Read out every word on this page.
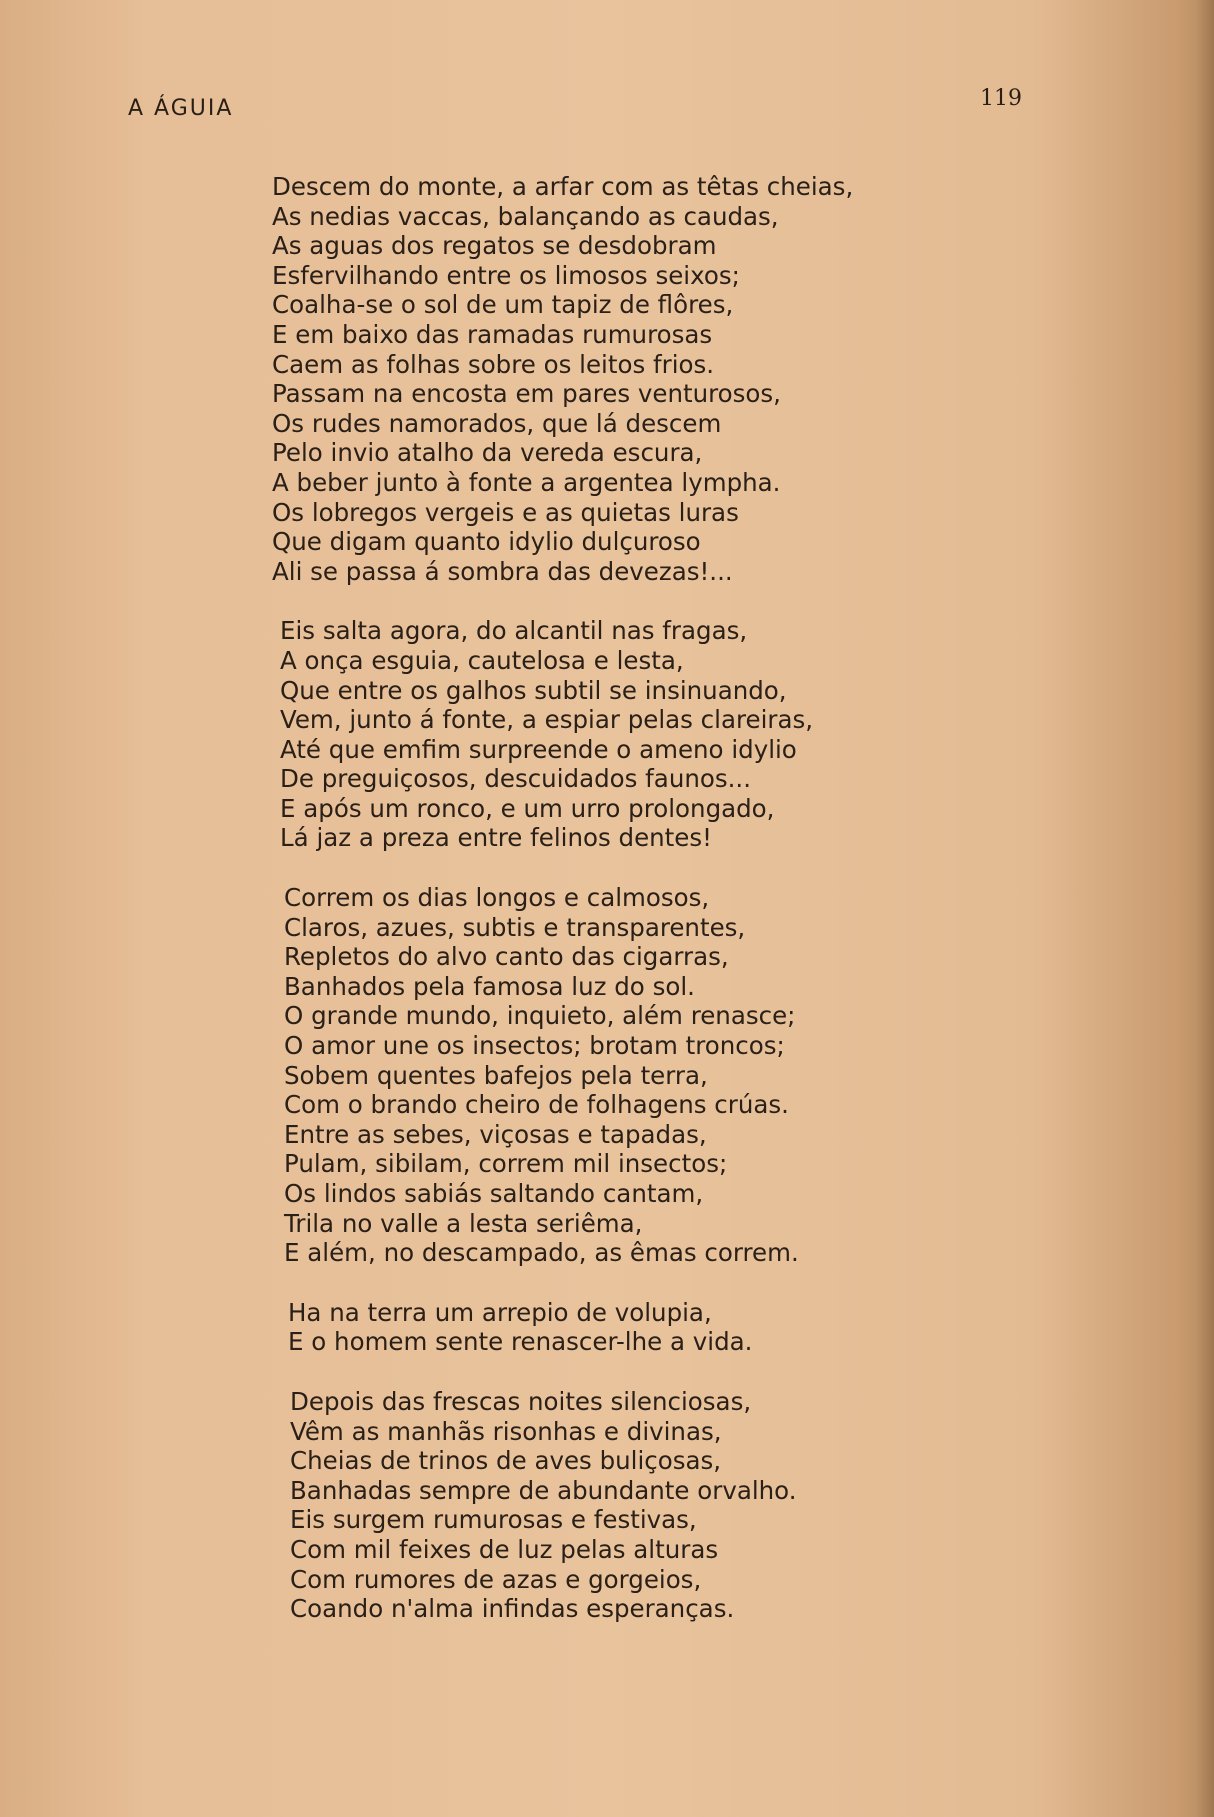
A ÁGUIA	119
Descem do monte, a arfar com as têtas cheias,
As nedias vaccas, balançando as caudas,
As aguas dos regatos se desdobram
Esfervilhando entre os limosos seixos;
Coalha-se o sol de um tapiz de flôres,
E em baixo das ramadas rumurosas
Caem as folhas sobre os leitos frios.
Passam na encosta em pares venturosos,
Os rudes namorados, que lá descem
Pelo invio atalho da vereda escura,
A beber junto à fonte a argentea lympha.
Os lobregos vergeis e as quietas luras
Que digam quanto idylio dulçuroso
Ali se passa á sombra das devezas!...
Eis salta agora, do alcantil nas fragas,
A onça esguia, cautelosa e lesta,
Que entre os galhos subtil se insinuando,
Vem, junto á fonte, a espiar pelas clareiras,
Até que emfim surpreende o ameno idylio
De preguiçosos, descuidados faunos...
E após um ronco, e um urro prolongado,
Lá jaz a preza entre felinos dentes!
Correm os dias longos e calmosos,
Claros, azues, subtis e transparentes,
Repletos do alvo canto das cigarras,
Banhados pela famosa luz do sol.
O grande mundo, inquieto, além renasce;
O amor une os insectos; brotam troncos;
Sobem quentes bafejos pela terra,
Com o brando cheiro de folhagens crúas.
Entre as sebes, viçosas e tapadas,
Pulam, sibilam, correm mil insectos;
Os lindos sabiás saltando cantam,
Trila no valle a lesta seriêma,
E além, no descampado, as êmas correm.
Ha na terra um arrepio de volupia,
E o homem sente renascer-lhe a vida.
Depois das frescas noites silenciosas,
Vêm as manhãs risonhas e divinas,
Cheias de trinos de aves buliçosas,
Banhadas sempre de abundante orvalho.
Eis surgem rumurosas e festivas,
Com mil feixes de luz pelas alturas
Com rumores de azas e gorgeios,
Coando n'alma infindas esperanças.
